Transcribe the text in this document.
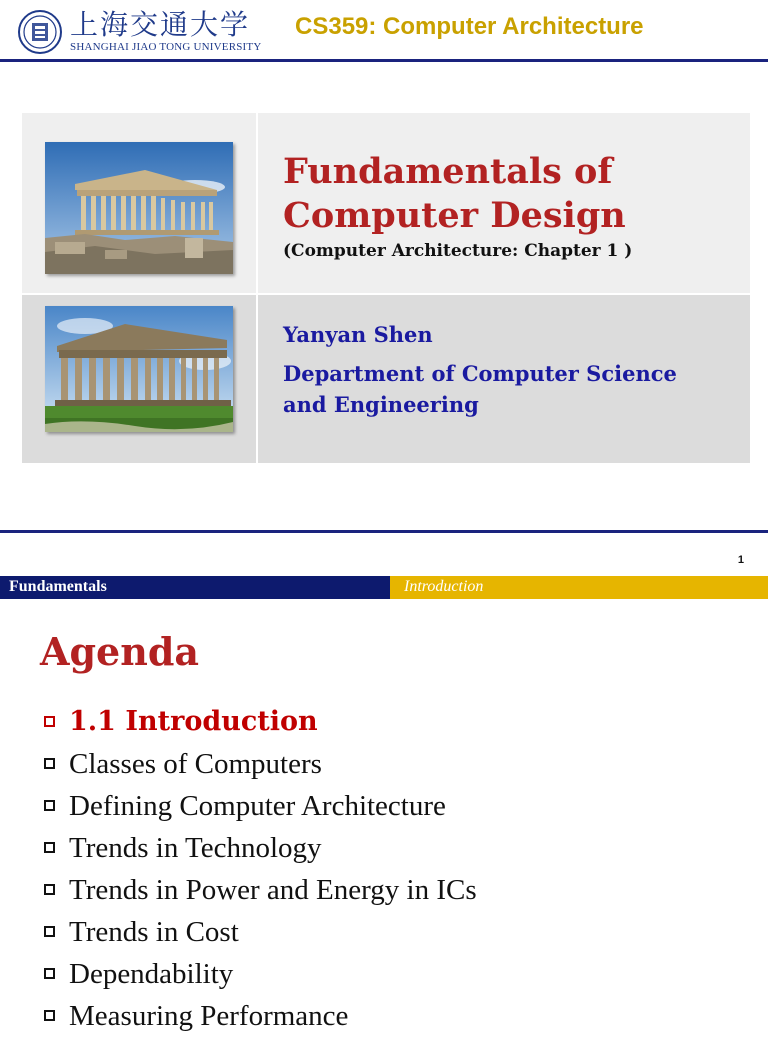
上海交通大学
SHANGHAI JIAO TONG UNIVERSITY
CS359: Computer Architecture
Fundamentals of
Computer Design
(Computer Architecture: Chapter 1 )
Yanyan Shen
Department of Computer Science
and Engineering
1
Fundamentals	Introduction
Agenda
1.1 Introduction
Classes of Computers
Defining Computer Architecture
Trends in Technology
Trends in Power and Energy in ICs
Trends in Cost
Dependability
Measuring Performance
